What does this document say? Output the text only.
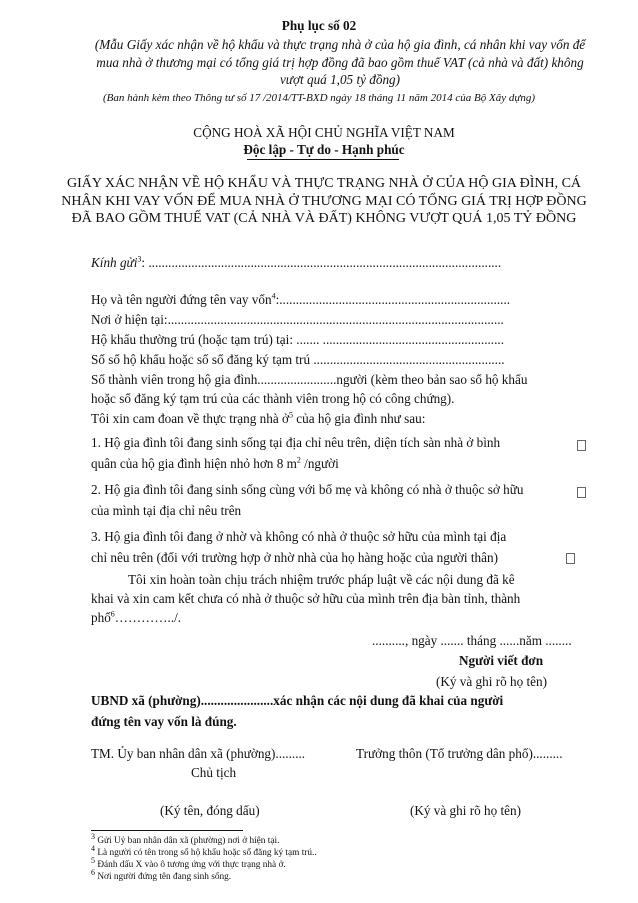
Phụ lục số 02
(Mẫu Giấy xác nhận về hộ khẩu và thực trạng nhà ở của hộ gia đình, cá nhân khi vay vốn để mua nhà ở thương mại có tổng giá trị hợp đồng đã bao gồm thuế VAT (cả nhà và đất) không vượt quá 1,05 tỷ đồng)
(Ban hành kèm theo Thông tư số 17 /2014/TT-BXD ngày 18 tháng 11 năm 2014 của Bộ Xây dựng)
CỘNG HOÀ XÃ HỘI CHỦ NGHĨA VIỆT NAM
Độc lập - Tự do - Hạnh phúc
GIẤY XÁC NHẬN VỀ HỘ KHẨU VÀ THỰC TRẠNG NHÀ Ở CỦA HỘ GIA ĐÌNH, CÁ NHÂN KHI VAY VỐN ĐỂ MUA NHÀ Ở THƯƠNG MẠI CÓ TỔNG GIÁ TRỊ HỢP ĐỒNG ĐÃ BAO GỒM THUẾ VAT (CẢ NHÀ VÀ ĐẤT) KHÔNG VƯỢT QUÁ 1,05 TỶ ĐỒNG
Kính gửi$^3$: ...........................................................................................................
Họ và tên người đứng tên vay vốn$^4$:......................................................................
Nơi ở hiện tại:......................................................................................................
Hộ khẩu thường trú (hoặc tạm trú) tại: ....... .......................................................
Số sổ hộ khẩu hoặc số sổ đăng ký tạm trú ..........................................................
Số thành viên trong hộ gia đình........................người (kèm theo bản sao sổ hộ khẩu
hoặc sổ đăng ký tạm trú của các thành viên trong hộ có công chứng).
Tôi xin cam đoan về thực trạng nhà ở$^5$ của hộ gia đình như sau:
1. Hộ gia đình tôi đang sinh sống tại địa chỉ nêu trên, diện tích sàn nhà ở bình
quân của hộ gia đình hiện nhỏ hơn 8 $m^2$ /người
2. Hộ gia đình tôi đang sinh sống cùng với bố mẹ và không có nhà ở thuộc sở hữu
của mình tại địa chỉ nêu trên
3. Hộ gia đình tôi đang ở nhờ và không có nhà ở thuộc sở hữu của mình tại địa
chỉ nêu trên (đối với trường hợp ở nhờ nhà của họ hàng hoặc của người thân)
Tôi xin hoàn toàn chịu trách nhiệm trước pháp luật về các nội dung đã kê
khai và xin cam kết chưa có nhà ở thuộc sở hữu của mình trên địa bàn tỉnh, thành
phố$^6$…………../.
.........., ngày ....... tháng ......năm ........
Người viết đơn
(Ký và ghi rõ họ tên)
UBND xã (phường)......................xác nhận các nội dung đã khai của người
đứng tên vay vốn là đúng.
TM. Ủy ban nhân dân xã (phường).........
Chủ tịch
Trưởng thôn (Tổ trưởng dân phố).........
(Ký tên, đóng dấu)	(Ký và ghi rõ họ tên)
$^3$ Gửi Uỷ ban nhân dân xã (phường) nơi ở hiện tại.
$^4$ Là người có tên trong sổ hộ khẩu hoặc sổ đăng ký tạm trú..
$^5$ Đánh dấu X vào ô tương ứng với thực trạng nhà ở.
$^6$ Nơi người đứng tên đang sinh sống.
